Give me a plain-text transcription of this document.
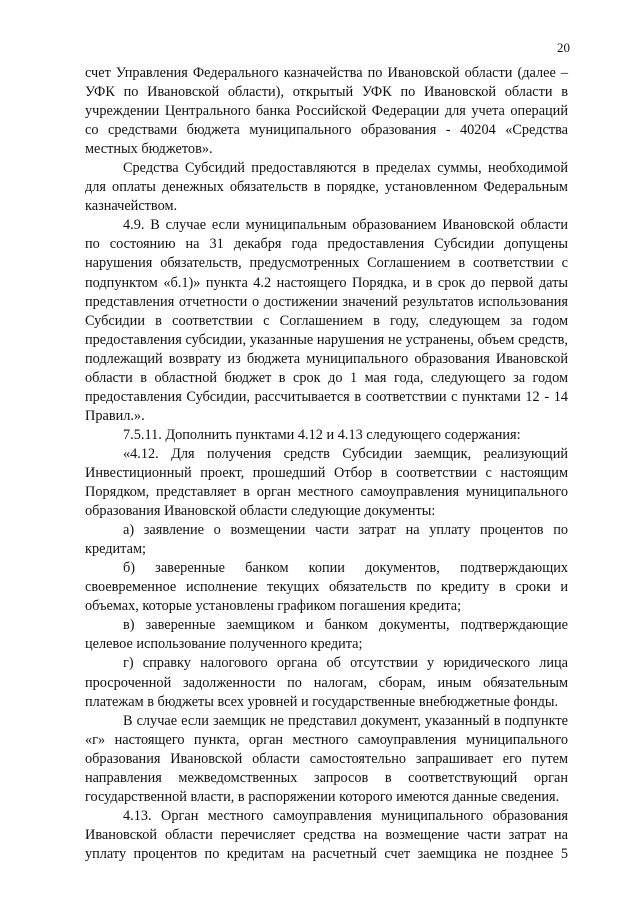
20

счет Управления Федерального казначейства по Ивановской области (далее – УФК по Ивановской области), открытый УФК по Ивановской области в учреждении Центрального банка Российской Федерации для учета операций со средствами бюджета муниципального образования - 40204 «Средства местных бюджетов».

Средства Субсидий предоставляются в пределах суммы, необходимой для оплаты денежных обязательств в порядке, установленном Федеральным казначейством.

4.9. В случае если муниципальным образованием Ивановской области по состоянию на 31 декабря года предоставления Субсидии допущены нарушения обязательств, предусмотренных Соглашением в соответствии с подпунктом «б.1)» пункта 4.2 настоящего Порядка, и в срок до первой даты представления отчетности о достижении значений результатов использования Субсидии в соответствии с Соглашением в году, следующем за годом предоставления субсидии, указанные нарушения не устранены, объем средств, подлежащий возврату из бюджета муниципального образования Ивановской области в областной бюджет в срок до 1 мая года, следующего за годом предоставления Субсидии, рассчитывается в соответствии с пунктами 12 - 14 Правил.».

7.5.11. Дополнить пунктами 4.12 и 4.13 следующего содержания:

«4.12. Для получения средств Субсидии заемщик, реализующий Инвестиционный проект, прошедший Отбор в соответствии с настоящим Порядком, представляет в орган местного самоуправления муниципального образования Ивановской области следующие документы:

а) заявление о возмещении части затрат на уплату процентов по кредитам;

б) заверенные банком копии документов, подтверждающих своевременное исполнение текущих обязательств по кредиту в сроки и объемах, которые установлены графиком погашения кредита;

в) заверенные заемщиком и банком документы, подтверждающие целевое использование полученного кредита;

г) справку налогового органа об отсутствии у юридического лица просроченной задолженности по налогам, сборам, иным обязательным платежам в бюджеты всех уровней и государственные внебюджетные фонды.

В случае если заемщик не представил документ, указанный в подпункте «г» настоящего пункта, орган местного самоуправления муниципального образования Ивановской области самостоятельно запрашивает его путем направления межведомственных запросов в соответствующий орган государственной власти, в распоряжении которого имеются данные сведения.

4.13. Орган местного самоуправления муниципального образования Ивановской области перечисляет средства на возмещение части затрат на уплату процентов по кредитам на расчетный счет заемщика не позднее 5
